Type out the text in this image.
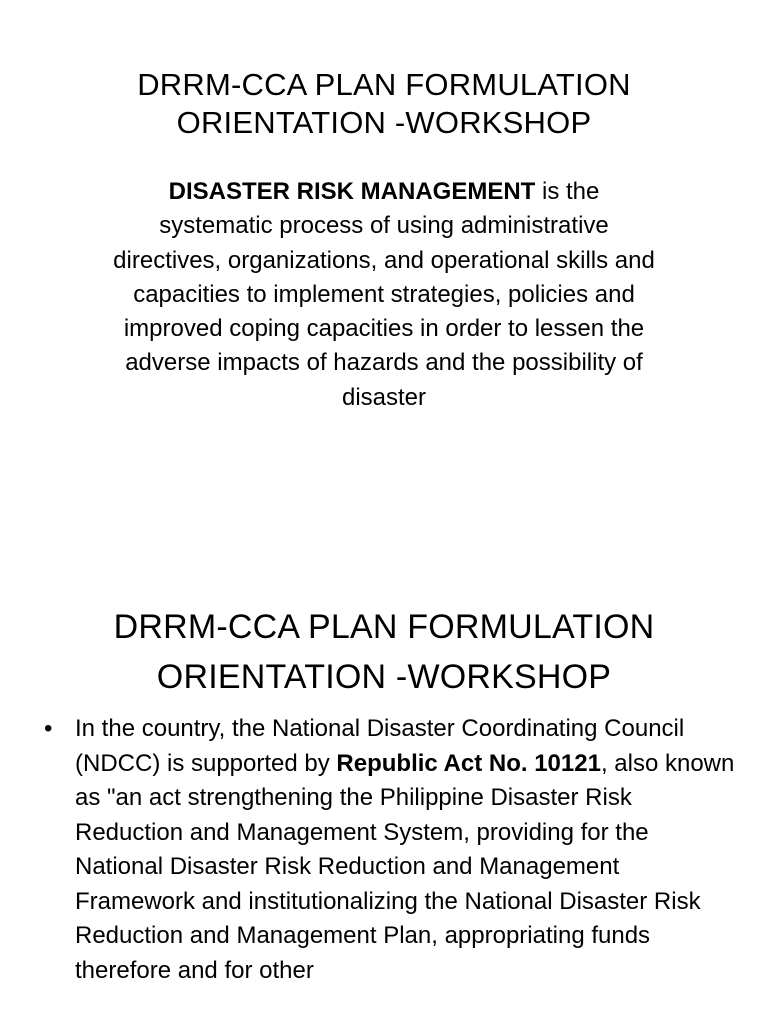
DRRM-CCA PLAN FORMULATION
ORIENTATION -WORKSHOP

DISASTER RISK MANAGEMENT is the systematic process of using administrative directives, organizations, and operational skills and capacities to implement strategies, policies and improved coping capacities in order to lessen the adverse impacts of hazards and the possibility of disaster

DRRM-CCA PLAN FORMULATION
ORIENTATION -WORKSHOP
• In the country, the National Disaster Coordinating Council (NDCC) is supported by Republic Act No. 10121, also known as "an act strengthening the Philippine Disaster Risk Reduction and Management System, providing for the National Disaster Risk Reduction and Management Framework and institutionalizing the National Disaster Risk Reduction and Management Plan, appropriating funds therefore and for other
